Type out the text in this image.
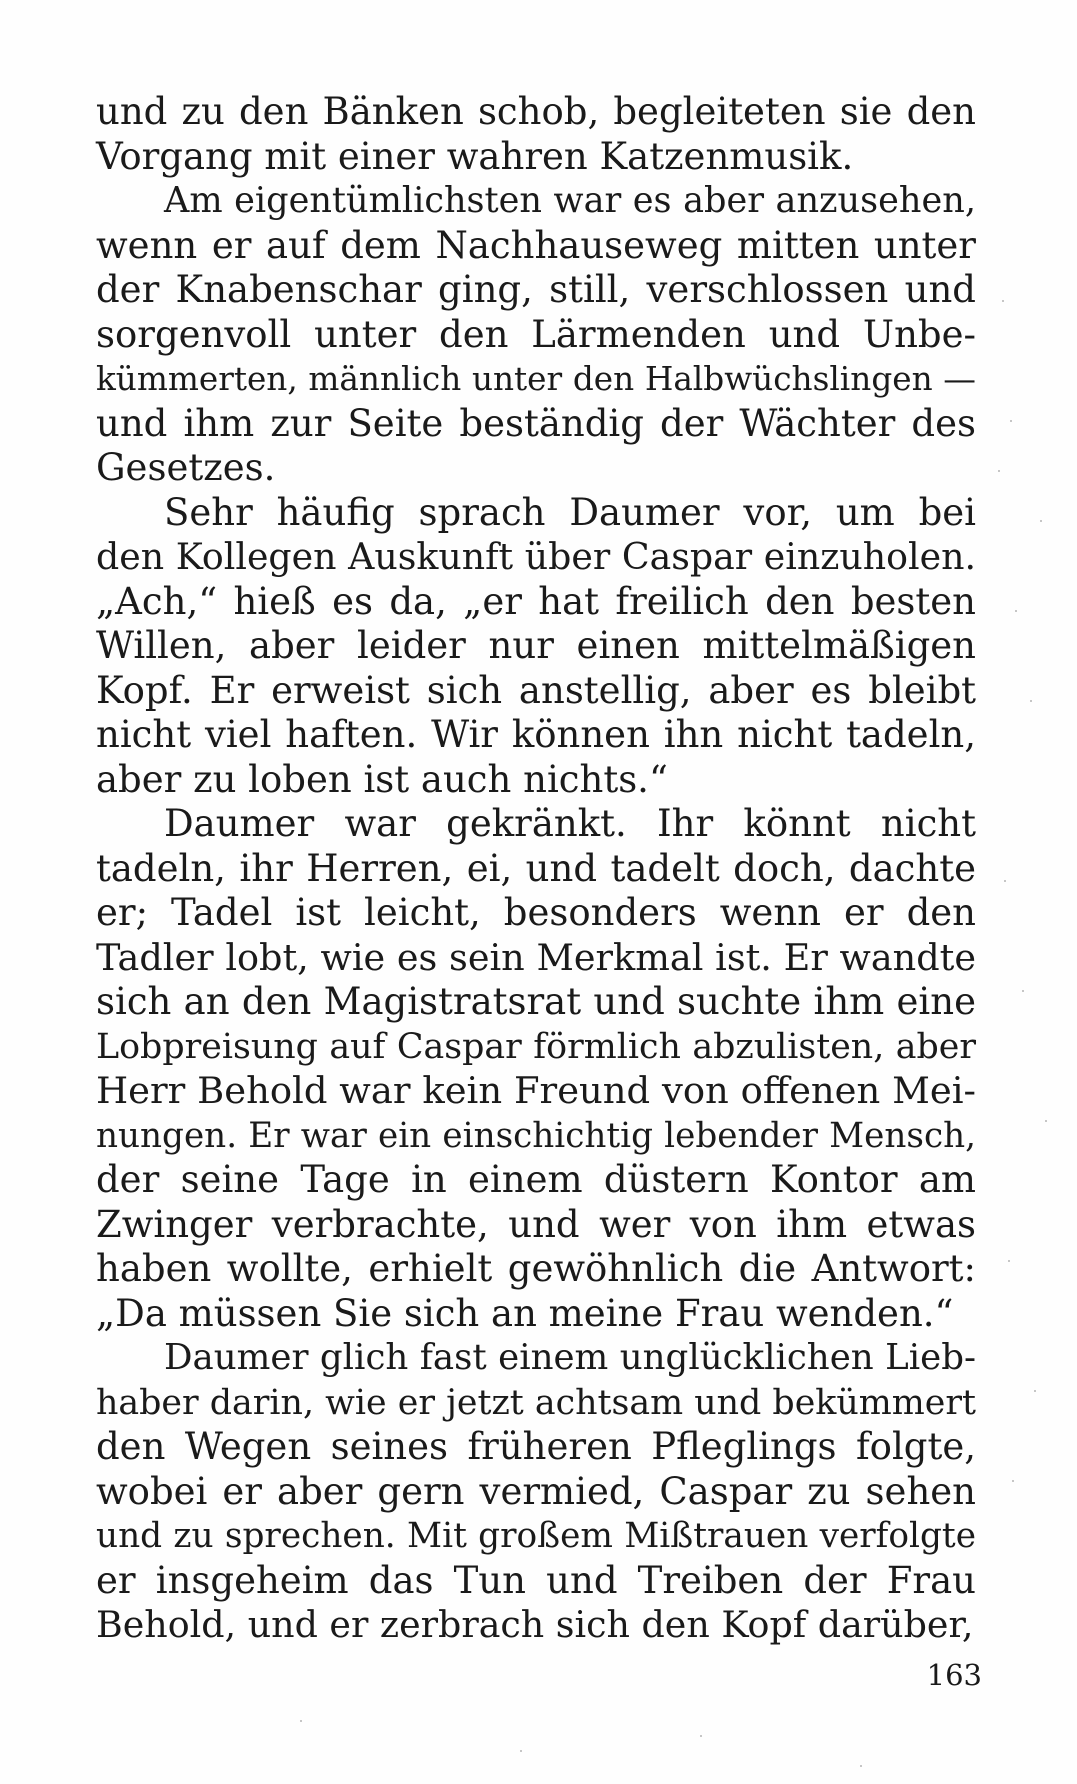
und zu den Bänken schob, begleiteten sie den
Vorgang mit einer wahren Katzenmusik.
Am eigentümlichsten war es aber anzusehen,
wenn er auf dem Nachhauseweg mitten unter
der Knabenschar ging, still, verschlossen und
sorgenvoll unter den Lärmenden und Unbe-
kümmerten, männlich unter den Halbwüchslingen —
und ihm zur Seite beständig der Wächter des
Gesetzes.
Sehr häufig sprach Daumer vor, um bei
den Kollegen Auskunft über Caspar einzuholen.
„Ach,“ hieß es da, „er hat freilich den besten
Willen, aber leider nur einen mittelmäßigen
Kopf. Er erweist sich anstellig, aber es bleibt
nicht viel haften. Wir können ihn nicht tadeln,
aber zu loben ist auch nichts.“
Daumer war gekränkt. Ihr könnt nicht
tadeln, ihr Herren, ei, und tadelt doch, dachte
er; Tadel ist leicht, besonders wenn er den
Tadler lobt, wie es sein Merkmal ist. Er wandte
sich an den Magistratsrat und suchte ihm eine
Lobpreisung auf Caspar förmlich abzulisten, aber
Herr Behold war kein Freund von offenen Mei-
nungen. Er war ein einschichtig lebender Mensch,
der seine Tage in einem düstern Kontor am
Zwinger verbrachte, und wer von ihm etwas
haben wollte, erhielt gewöhnlich die Antwort:
„Da müssen Sie sich an meine Frau wenden.“
Daumer glich fast einem unglücklichen Lieb-
haber darin, wie er jetzt achtsam und bekümmert
den Wegen seines früheren Pfleglings folgte,
wobei er aber gern vermied, Caspar zu sehen
und zu sprechen. Mit großem Mißtrauen verfolgte
er insgeheim das Tun und Treiben der Frau
Behold, und er zerbrach sich den Kopf darüber,
163
